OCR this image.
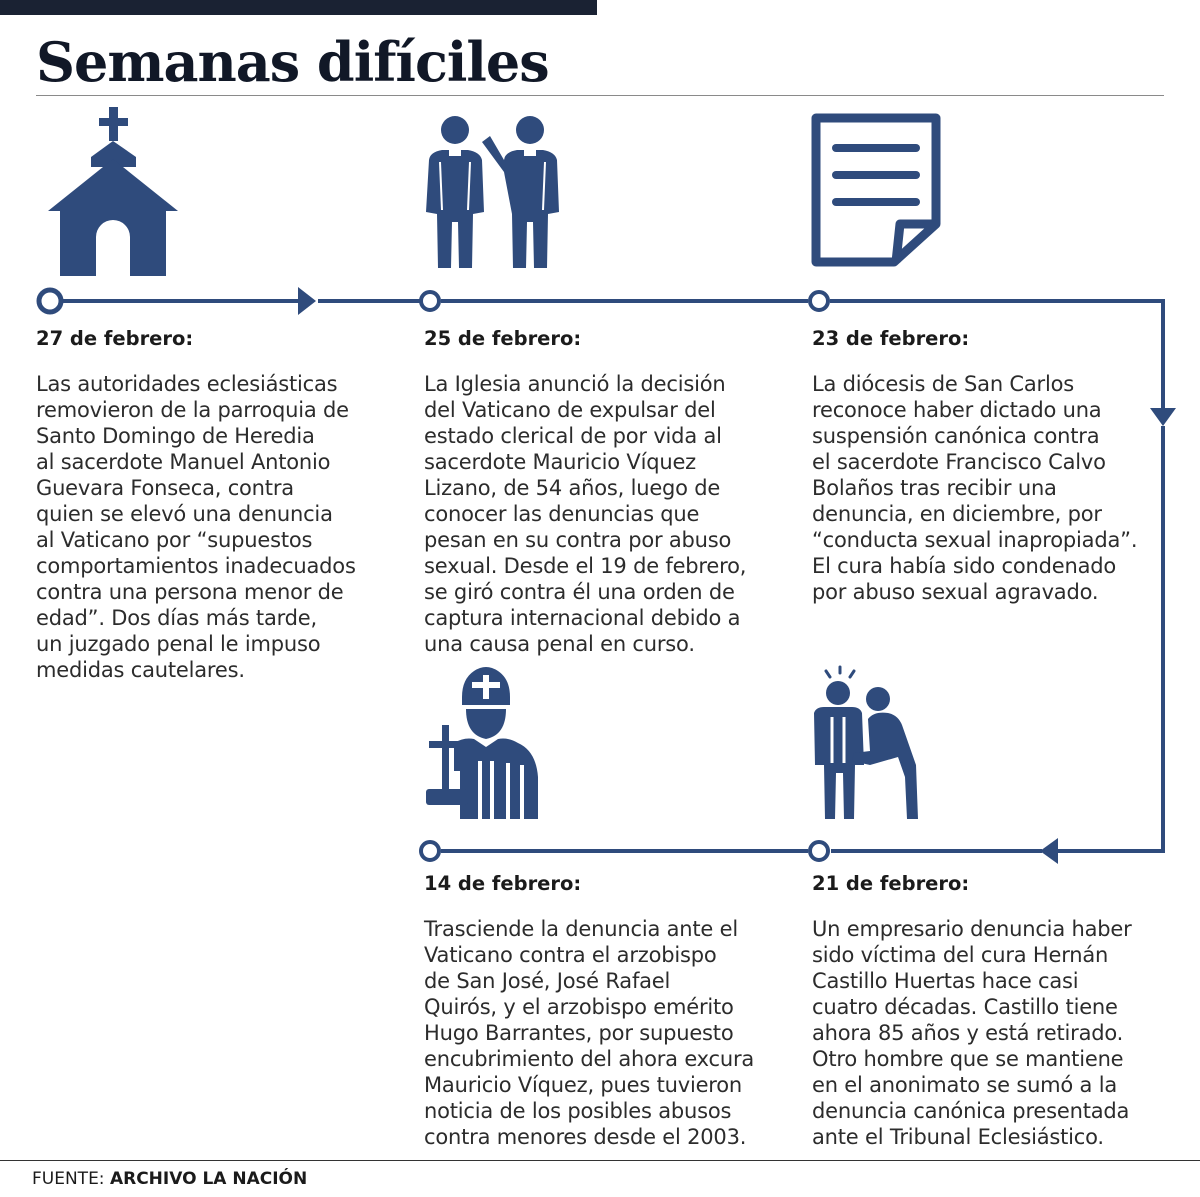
Semanas difíciles

27 de febrero:

Las autoridades eclesiásticas
removieron de la parroquia de
Santo Domingo de Heredia
al sacerdote Manuel Antonio
Guevara Fonseca, contra
quien se elevó una denuncia
al Vaticano por “supuestos
comportamientos inadecuados
contra una persona menor de
edad”. Dos días más tarde,
un juzgado penal le impuso
medidas cautelares.

25 de febrero:

La Iglesia anunció la decisión
del Vaticano de expulsar del
estado clerical de por vida al
sacerdote Mauricio Víquez
Lizano, de 54 años, luego de
conocer las denuncias que
pesan en su contra por abuso
sexual. Desde el 19 de febrero,
se giró contra él una orden de
captura internacional debido a
una causa penal en curso.

23 de febrero:

La diócesis de San Carlos
reconoce haber dictado una
suspensión canónica contra
el sacerdote Francisco Calvo
Bolaños tras recibir una
denuncia, en diciembre, por
“conducta sexual inapropiada”.
El cura había sido condenado
por abuso sexual agravado.

14 de febrero:

Trasciende la denuncia ante el
Vaticano contra el arzobispo
de San José, José Rafael
Quirós, y el arzobispo emérito
Hugo Barrantes, por supuesto
encubrimiento del ahora excura
Mauricio Víquez, pues tuvieron
noticia de los posibles abusos
contra menores desde el 2003.

21 de febrero:

Un empresario denuncia haber
sido víctima del cura Hernán
Castillo Huertas hace casi
cuatro décadas. Castillo tiene
ahora 85 años y está retirado.
Otro hombre que se mantiene
en el anonimato se sumó a la
denuncia canónica presentada
ante el Tribunal Eclesiástico.

FUENTE: ARCHIVO LA NACIÓN
